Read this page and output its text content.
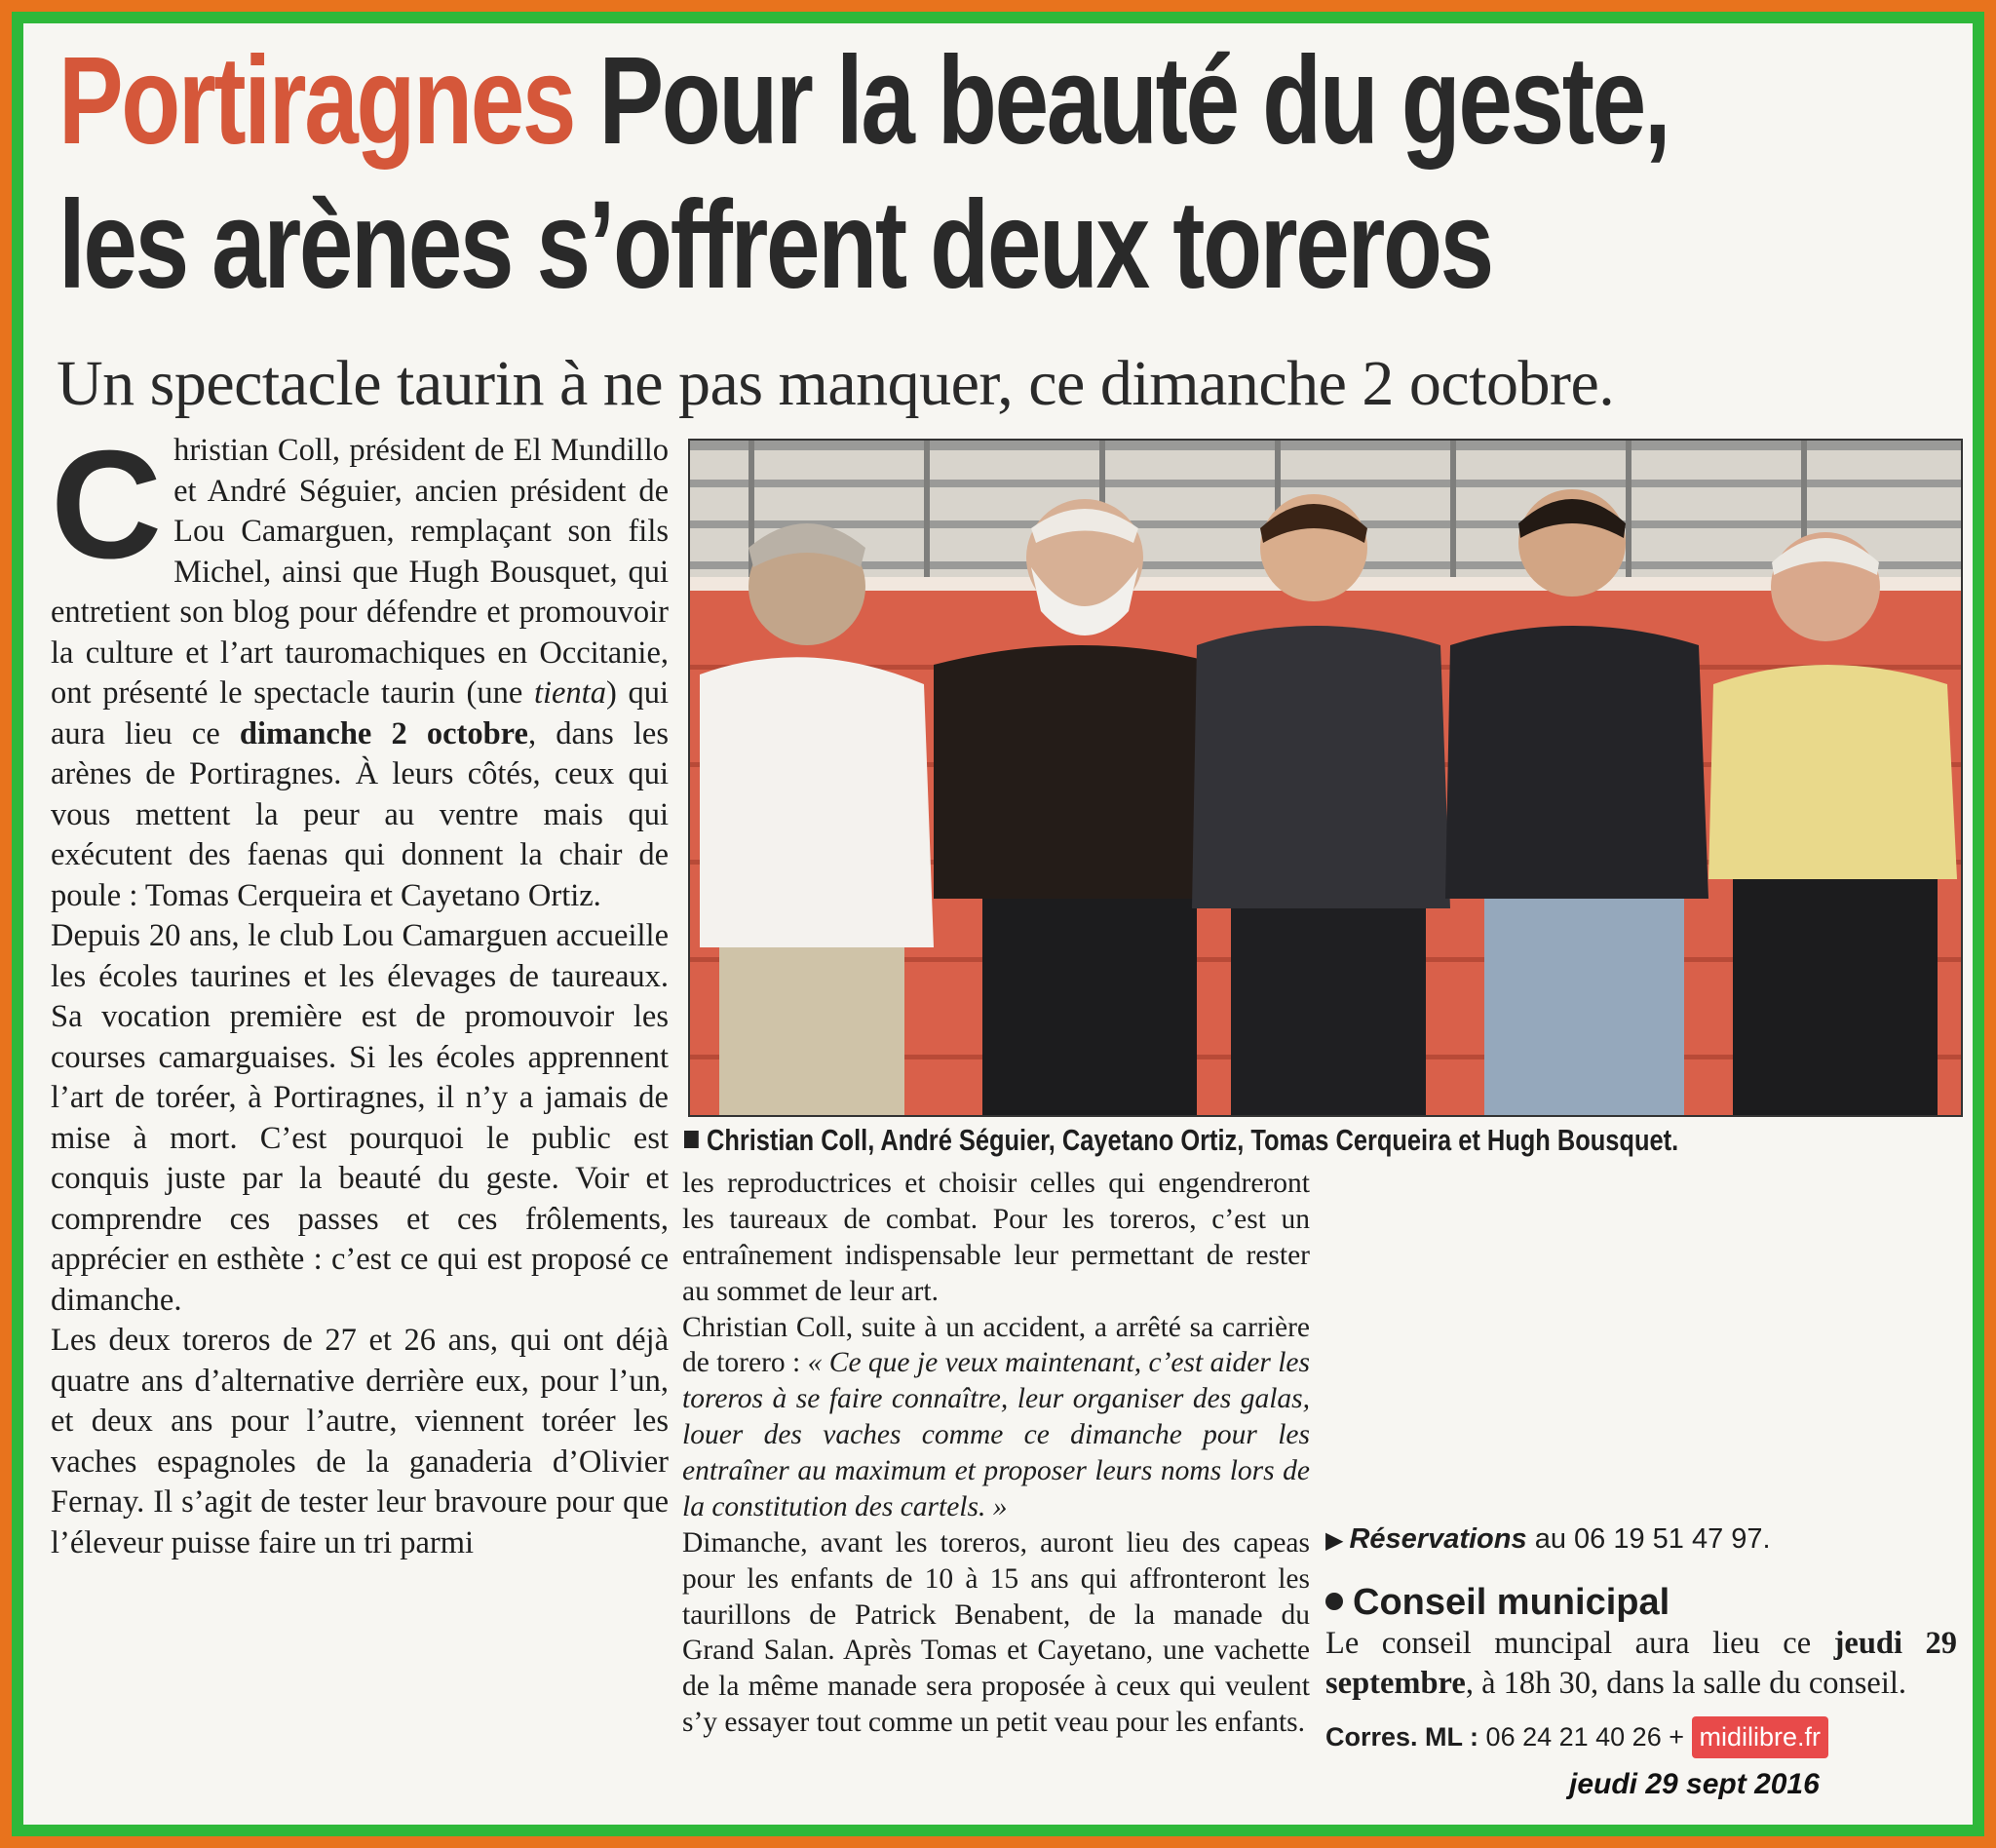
Portiragnes Pour la beauté du geste,
les arènes s’offrent deux toreros
Un spectacle taurin à ne pas manquer, ce dimanche 2 octobre.

Christian Coll, président de El Mundillo et André Séguier, ancien président de Lou Camarguen, remplaçant son fils Michel, ainsi que Hugh Bousquet, qui entretient son blog pour défendre et promouvoir la culture et l’art tauromachiques en Occitanie, ont présenté le spectacle taurin (une tienta) qui aura lieu ce dimanche 2 octobre, dans les arènes de Portiragnes. À leurs côtés, ceux qui vous mettent la peur au ventre mais qui exécutent des faenas qui donnent la chair de poule : Tomas Cerqueira et Cayetano Ortiz.

Depuis 20 ans, le club Lou Camarguen accueille les écoles taurines et les élevages de taureaux. Sa vocation première est de promouvoir les courses camarguaises. Si les écoles apprennent l’art de toréer, à Portiragnes, il n’y a jamais de mise à mort. C’est pourquoi le public est conquis juste par la beauté du geste. Voir et comprendre ces passes et ces frôlements, apprécier en esthète : c’est ce qui est proposé ce dimanche.

Les deux toreros de 27 et 26 ans, qui ont déjà quatre ans d’alternative derrière eux, pour l’un, et deux ans pour l’autre, viennent toréer les vaches espagnoles de la ganaderia d’Olivier Fernay. Il s’agit de tester leur bravoure pour que l’éleveur puisse faire un tri parmi

Christian Coll, André Séguier, Cayetano Ortiz, Tomas Cerqueira et Hugh Bousquet.

les reproductrices et choisir celles qui engendreront les taureaux de combat. Pour les toreros, c’est un entraînement indispensable leur permettant de rester au sommet de leur art.

Christian Coll, suite à un accident, a arrêté sa carrière de torero : « Ce que je veux maintenant, c’est aider les toreros à se faire connaître, leur organiser des galas, louer des vaches comme ce dimanche pour les entraîner au maximum et proposer leurs noms lors de la constitution des cartels. »

Dimanche, avant les toreros, auront lieu des capeas pour les enfants de 10 à 15 ans qui affronteront les taurillons de Patrick Benabent, de la manade du Grand Salan. Après Tomas et Cayetano, une vachette de la même manade sera proposée à ceux qui veulent s’y essayer tout comme un petit veau pour les enfants.

▶ Réservations au 06 19 51 47 97.
Conseil municipal

Le conseil muncipal aura lieu ce jeudi 29 septembre, à 18h 30, dans la salle du conseil.

Corres. ML : 06 24 21 40 26 + midilibre.fr
jeudi 29 sept 2016
